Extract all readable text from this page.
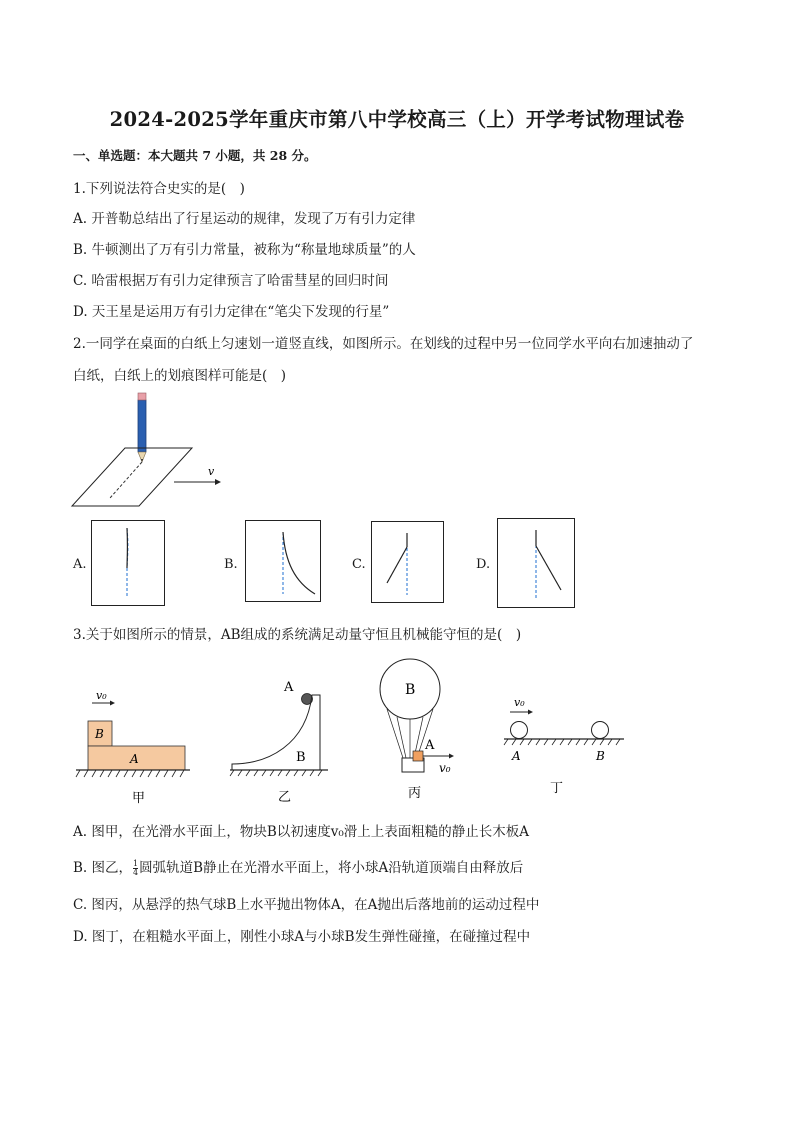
2024-2025学年重庆市第八中学校高三（上）开学考试物理试卷
一、单选题：本大题共 7 小题，共 28 分。
1.下列说法符合史实的是(　)
A. 开普勒总结出了行星运动的规律，发现了万有引力定律
B. 牛顿测出了万有引力常量，被称为“称量地球质量”的人
C. 哈雷根据万有引力定律预言了哈雷彗星的回归时间
D. 天王星是运用万有引力定律在“笔尖下发现的行星”
2.一同学在桌面的白纸上匀速划一道竖直线，如图所示。在划线的过程中另一位同学水平向右加速抽动了
白纸，白纸上的划痕图样可能是(　)
v
A.	B.	C.	D.
3.关于如图所示的情景，AB组成的系统满足动量守恒且机械能守恒的是(　)
v₀
B
A
甲
A
B
乙
B
A
v₀
丙
v₀
A	B
丁
A. 图甲，在光滑水平面上，物块B以初速度v₀滑上上表面粗糙的静止长木板A
B. 图乙， $\frac{1}{4}$ 圆弧轨道B静止在光滑水平面上，将小球A沿轨道顶端自由释放后
C. 图丙，从悬浮的热气球B上水平抛出物体A，在A抛出后落地前的运动过程中
D. 图丁，在粗糙水平面上，刚性小球A与小球B发生弹性碰撞，在碰撞过程中
